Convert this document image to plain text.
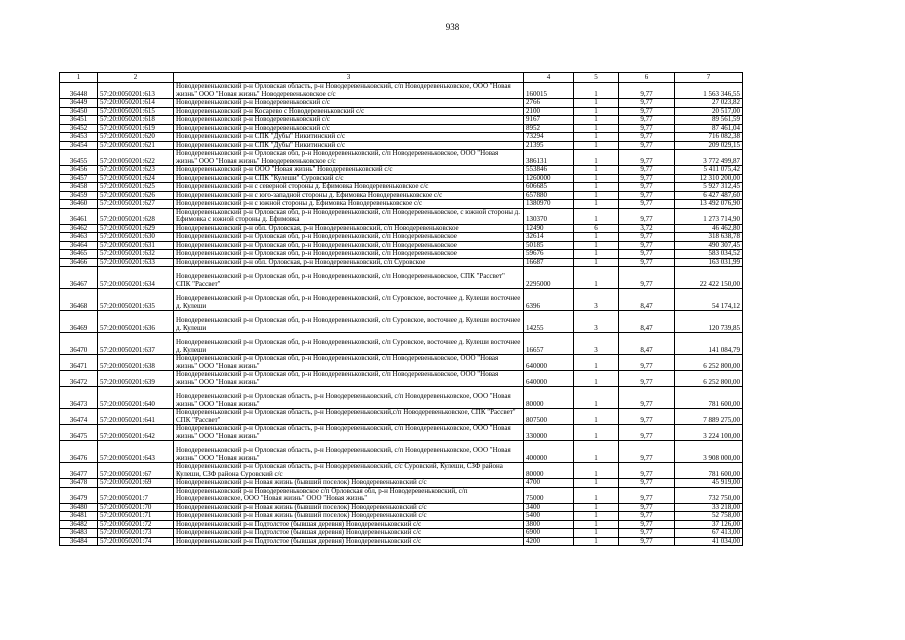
938
1	2	3	4	5	6	7
36448	57:20:0050201:613	Новодеревеньковский р-н Орловская область, р-н Новодеревеньковский, с/п Новодеревеньковское, ООО "Новая жизнь" ООО "Новая жизнь" Новодеревеньковское с/с	160015	1	9,77	1 563 346,55
36449	57:20:0050201:614	Новодеревеньковский р-н Новодеревеньковский с/с	2766	1	9,77	27 023,82
36450	57:20:0050201:615	Новодеревеньковский р-н Косарево с Новодеревеньковский с/с	2100	1	9,77	20 517,00
36451	57:20:0050201:618	Новодеревеньковский р-н Новодеревеньковский с/с	9167	1	9,77	89 561,59
36452	57:20:0050201:619	Новодеревеньковский р-н Новодеревеньковский с/с	8952	1	9,77	87 461,04
36453	57:20:0050201:620	Новодеревеньковский р-н СПК "Дубы" Никитинский с/с	73294	1	9,77	716 082,38
36454	57:20:0050201:621	Новодеревеньковский р-н СПК "Дубы" Никитинский с/с	21395	1	9,77	209 029,15
36455	57:20:0050201:622	Новодеревеньковский р-н Орловская обл, р-н Новодеревеньковский, с/п Новодеревеньковское, ООО "Новая жизнь" ООО "Новая жизнь" Новодеревеньковское с/с	386131	1	9,77	3 772 499,87
36456	57:20:0050201:623	Новодеревеньковский р-н ООО "Новая жизнь" Новодеревеньковский с/с	553846	1	9,77	5 411 075,42
36457	57:20:0050201:624	Новодеревеньковский р-н СПК "Кулеши" Суровский с/с	1260000	1	9,77	12 310 200,00
36458	57:20:0050201:625	Новодеревеньковский р-н с северной стороны д. Ефимовка Новодеревеньковское с/с	606685	1	9,77	5 927 312,45
36459	57:20:0050201:626	Новодеревеньковский р-н с юго-западной стороны д. Ефимовка Новодеревеньковское с/с	657880	1	9,77	6 427 487,60
36460	57:20:0050201:627	Новодеревеньковский р-н с южной стороны д. Ефимовка Новодеревеньковское с/с	1380970	1	9,77	13 492 076,90
36461	57:20:0050201:628	Новодеревеньковский р-н Орловская обл, р-н Новодеревеньковский, с/п Новодеревеньковское, с южной стороны д. Ефимовка с южной стороны д. Ефимовка	130370	1	9,77	1 273 714,90
36462	57:20:0050201:629	Новодеревеньковский р-н обл. Орловская, р-н Новодеревеньковский, с/п Новодеревеньковское	12490	6	3,72	46 462,80
36463	57:20:0050201:630	Новодеревеньковский р-н Орловская обл, р-н Новодеревеньковский, с/п Новодеревеньковское	32614	1	9,77	318 638,78
36464	57:20:0050201:631	Новодеревеньковский р-н Орловская обл, р-н Новодеревеньковский, с/п Новодеревеньковское	50185	1	9,77	490 307,45
36465	57:20:0050201:632	Новодеревеньковский р-н Орловская обл, р-н Новодеревеньковский, с/п Новодеревеньковское	59676	1	9,77	583 034,52
36466	57:20:0050201:633	Новодеревеньковский р-н обл. Орловская, р-н Новодеревеньковский, с/п Суровское	16687	1	9,77	163 031,99
36467	57:20:0050201:634	Новодеревеньковский р-н Орловская обл, р-н Новодеревеньковский, с/п Новодеревеньковское, СПК "Рассвет" СПК "Рассвет"	2295000	1	9,77	22 422 150,00
36468	57:20:0050201:635	Новодеревеньковский р-н Орловская обл, р-н Новодеревеньковский, с/п Суровское, восточнее д. Кулеши восточнее д. Кулеши	6396	3	8,47	54 174,12
36469	57:20:0050201:636	Новодеревеньковский р-н Орловская обл, р-н Новодеревеньковский, с/п Суровское, восточнее д. Кулеши восточнее д. Кулеши	14255	3	8,47	120 739,85
36470	57:20:0050201:637	Новодеревеньковский р-н Орловская обл, р-н Новодеревеньковский, с/п Суровское, восточнее д. Кулеши восточнее д. Кулеши	16657	3	8,47	141 084,79
36471	57:20:0050201:638	Новодеревеньковский р-н Орловская обл, р-н Новодеревеньковский, с/п Новодеревеньковское, ООО "Новая жизнь" ООО "Новая жизнь"	640000	1	9,77	6 252 800,00
36472	57:20:0050201:639	Новодеревеньковский р-н Орловская обл, р-н Новодеревеньковский, с/п Новодеревеньковское, ООО "Новая жизнь" ООО "Новая жизнь"	640000	1	9,77	6 252 800,00
36473	57:20:0050201:640	Новодеревеньковский р-н Орловская область, р-н Новодеревеньковский, с/п Новодеревеньковское, ООО "Новая жизнь" ООО "Новая жизнь"	80000	1	9,77	781 600,00
36474	57:20:0050201:641	Новодеревеньковский р-н Орловская область, р-н Новодеревеньковский,с/п Новодеревеньковское, СПК "Рассвет" СПК "Рассвет"	807500	1	9,77	7 889 275,00
36475	57:20:0050201:642	Новодеревеньковский р-н Орловская область, р-н Новодеревеньковский, с/п Новодеревеньковское, ООО "Новая жизнь" ООО "Новая жизнь"	330000	1	9,77	3 224 100,00
36476	57:20:0050201:643	Новодеревеньковский р-н Орловская область, р-н Новодеревеньковский, с/п Новодеревеньковское, ООО "Новая жизнь" ООО "Новая жизнь"	400000	1	9,77	3 908 000,00
36477	57:20:0050201:67	Новодеревеньковский р-н Орловская область, р-н Новодеревеньковский, с/с Суровский, Кулеши, СЗФ района Кулеши, СЗФ района Суровский с/с	80000	1	9,77	781 600,00
36478	57:20:0050201:69	Новодеревеньковский р-н Новая жизнь (бывший поселок) Новодеревеньковский с/с	4700	1	9,77	45 919,00
36479	57:20:0050201:7	Новодеревеньковский р-н Новодеревеньковское с/п Орловская обл, р-н Новодеревеньковский, с/п Новодеревеньковское, ООО "Новая жизнь" ООО "Новая жизнь"	75000	1	9,77	732 750,00
36480	57:20:0050201:70	Новодеревеньковский р-н Новая жизнь (бывший поселок) Новодеревеньковский с/с	3400	1	9,77	33 218,00
36481	57:20:0050201:71	Новодеревеньковский р-н Новая жизнь (бывший поселок) Новодеревеньковский с/с	5400	1	9,77	52 758,00
36482	57:20:0050201:72	Новодеревеньковский р-н Подтолстое (бывшая деревня) Новодеревеньковский с/с	3800	1	9,77	37 126,00
36483	57:20:0050201:73	Новодеревеньковский р-н Подтолстое (бывшая деревня) Новодеревеньковский с/с	6900	1	9,77	67 413,00
36484	57:20:0050201:74	Новодеревеньковский р-н Подтолстое (бывшая деревня) Новодеревеньковский с/с	4200	1	9,77	41 034,00
